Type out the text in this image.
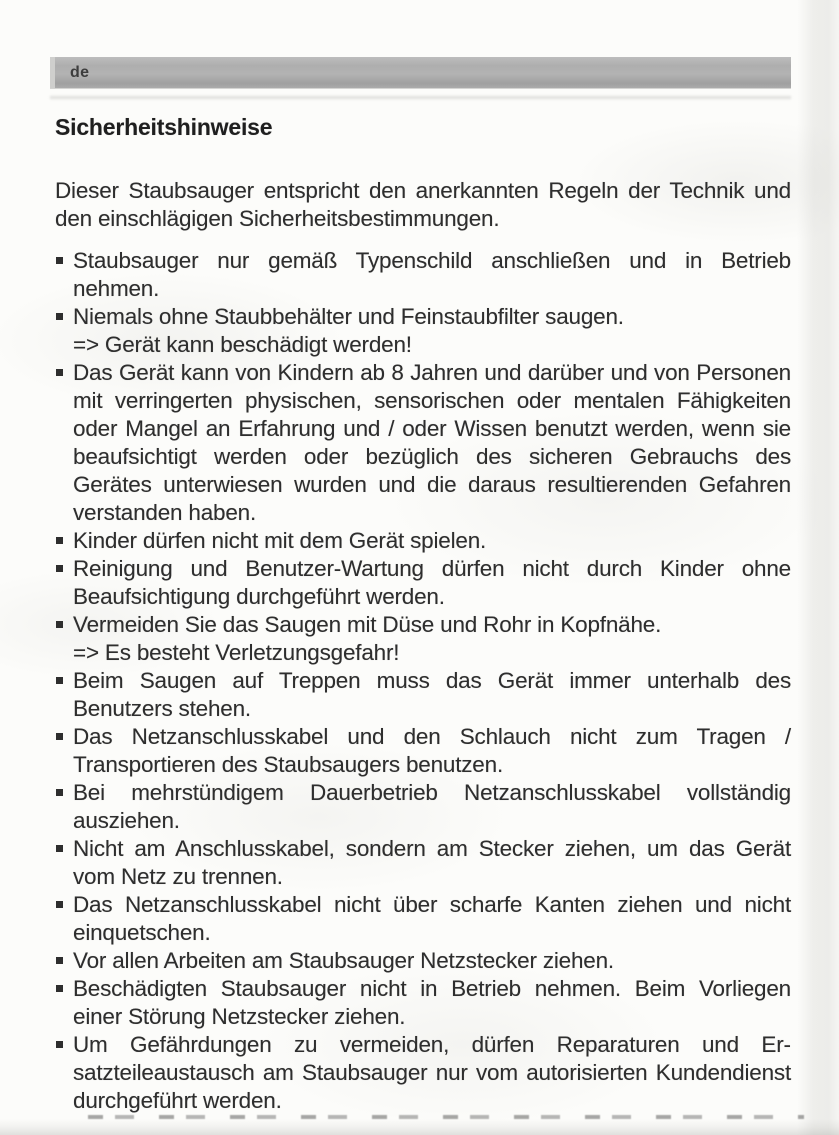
de
Sicherheitshinweise

Dieser Staubsauger entspricht den anerkannten Regeln der Technik und den einschlägigen Sicherheitsbestimmungen.

Staubsauger nur gemäß Typenschild anschließen und in Betrieb nehmen.
Niemals ohne Staubbehälter und Feinstaubfilter saugen.
=> Gerät kann beschädigt werden!
Das Gerät kann von Kindern ab 8 Jahren und darüber und von Personen mit verringerten physischen, sensorischen oder mentalen Fähigkeiten oder Mangel an Erfahrung und / oder Wissen benutzt werden, wenn sie beaufsichtigt werden oder bezüglich des sicheren Gebrauchs des Gerätes unterwiesen wurden und die daraus resultierenden Gefahren verstanden haben.
Kinder dürfen nicht mit dem Gerät spielen.
Reinigung und Benutzer-Wartung dürfen nicht durch Kinder ohne Beaufsichtigung durchgeführt werden.
Vermeiden Sie das Saugen mit Düse und Rohr in Kopfnähe.
=> Es besteht Verletzungsgefahr!
Beim Saugen auf Treppen muss das Gerät immer unterhalb des Benutzers stehen.
Das Netzanschlusskabel und den Schlauch nicht zum Tragen / Transportieren des Staubsaugers benutzen.
Bei mehrstündigem Dauerbetrieb Netzanschlusskabel vollständig ausziehen.
Nicht am Anschlusskabel, sondern am Stecker ziehen, um das Gerät vom Netz zu trennen.
Das Netzanschlusskabel nicht über scharfe Kanten ziehen und nicht einquetschen.
Vor allen Arbeiten am Staubsauger Netzstecker ziehen.
Beschädigten Staubsauger nicht in Betrieb nehmen. Beim Vorliegen einer Störung Netzstecker ziehen.
Um Gefährdungen zu vermeiden, dürfen Reparaturen und Ersatzteileaustausch am Staubsauger nur vom autorisierten Kundendienst durchgeführt werden.
